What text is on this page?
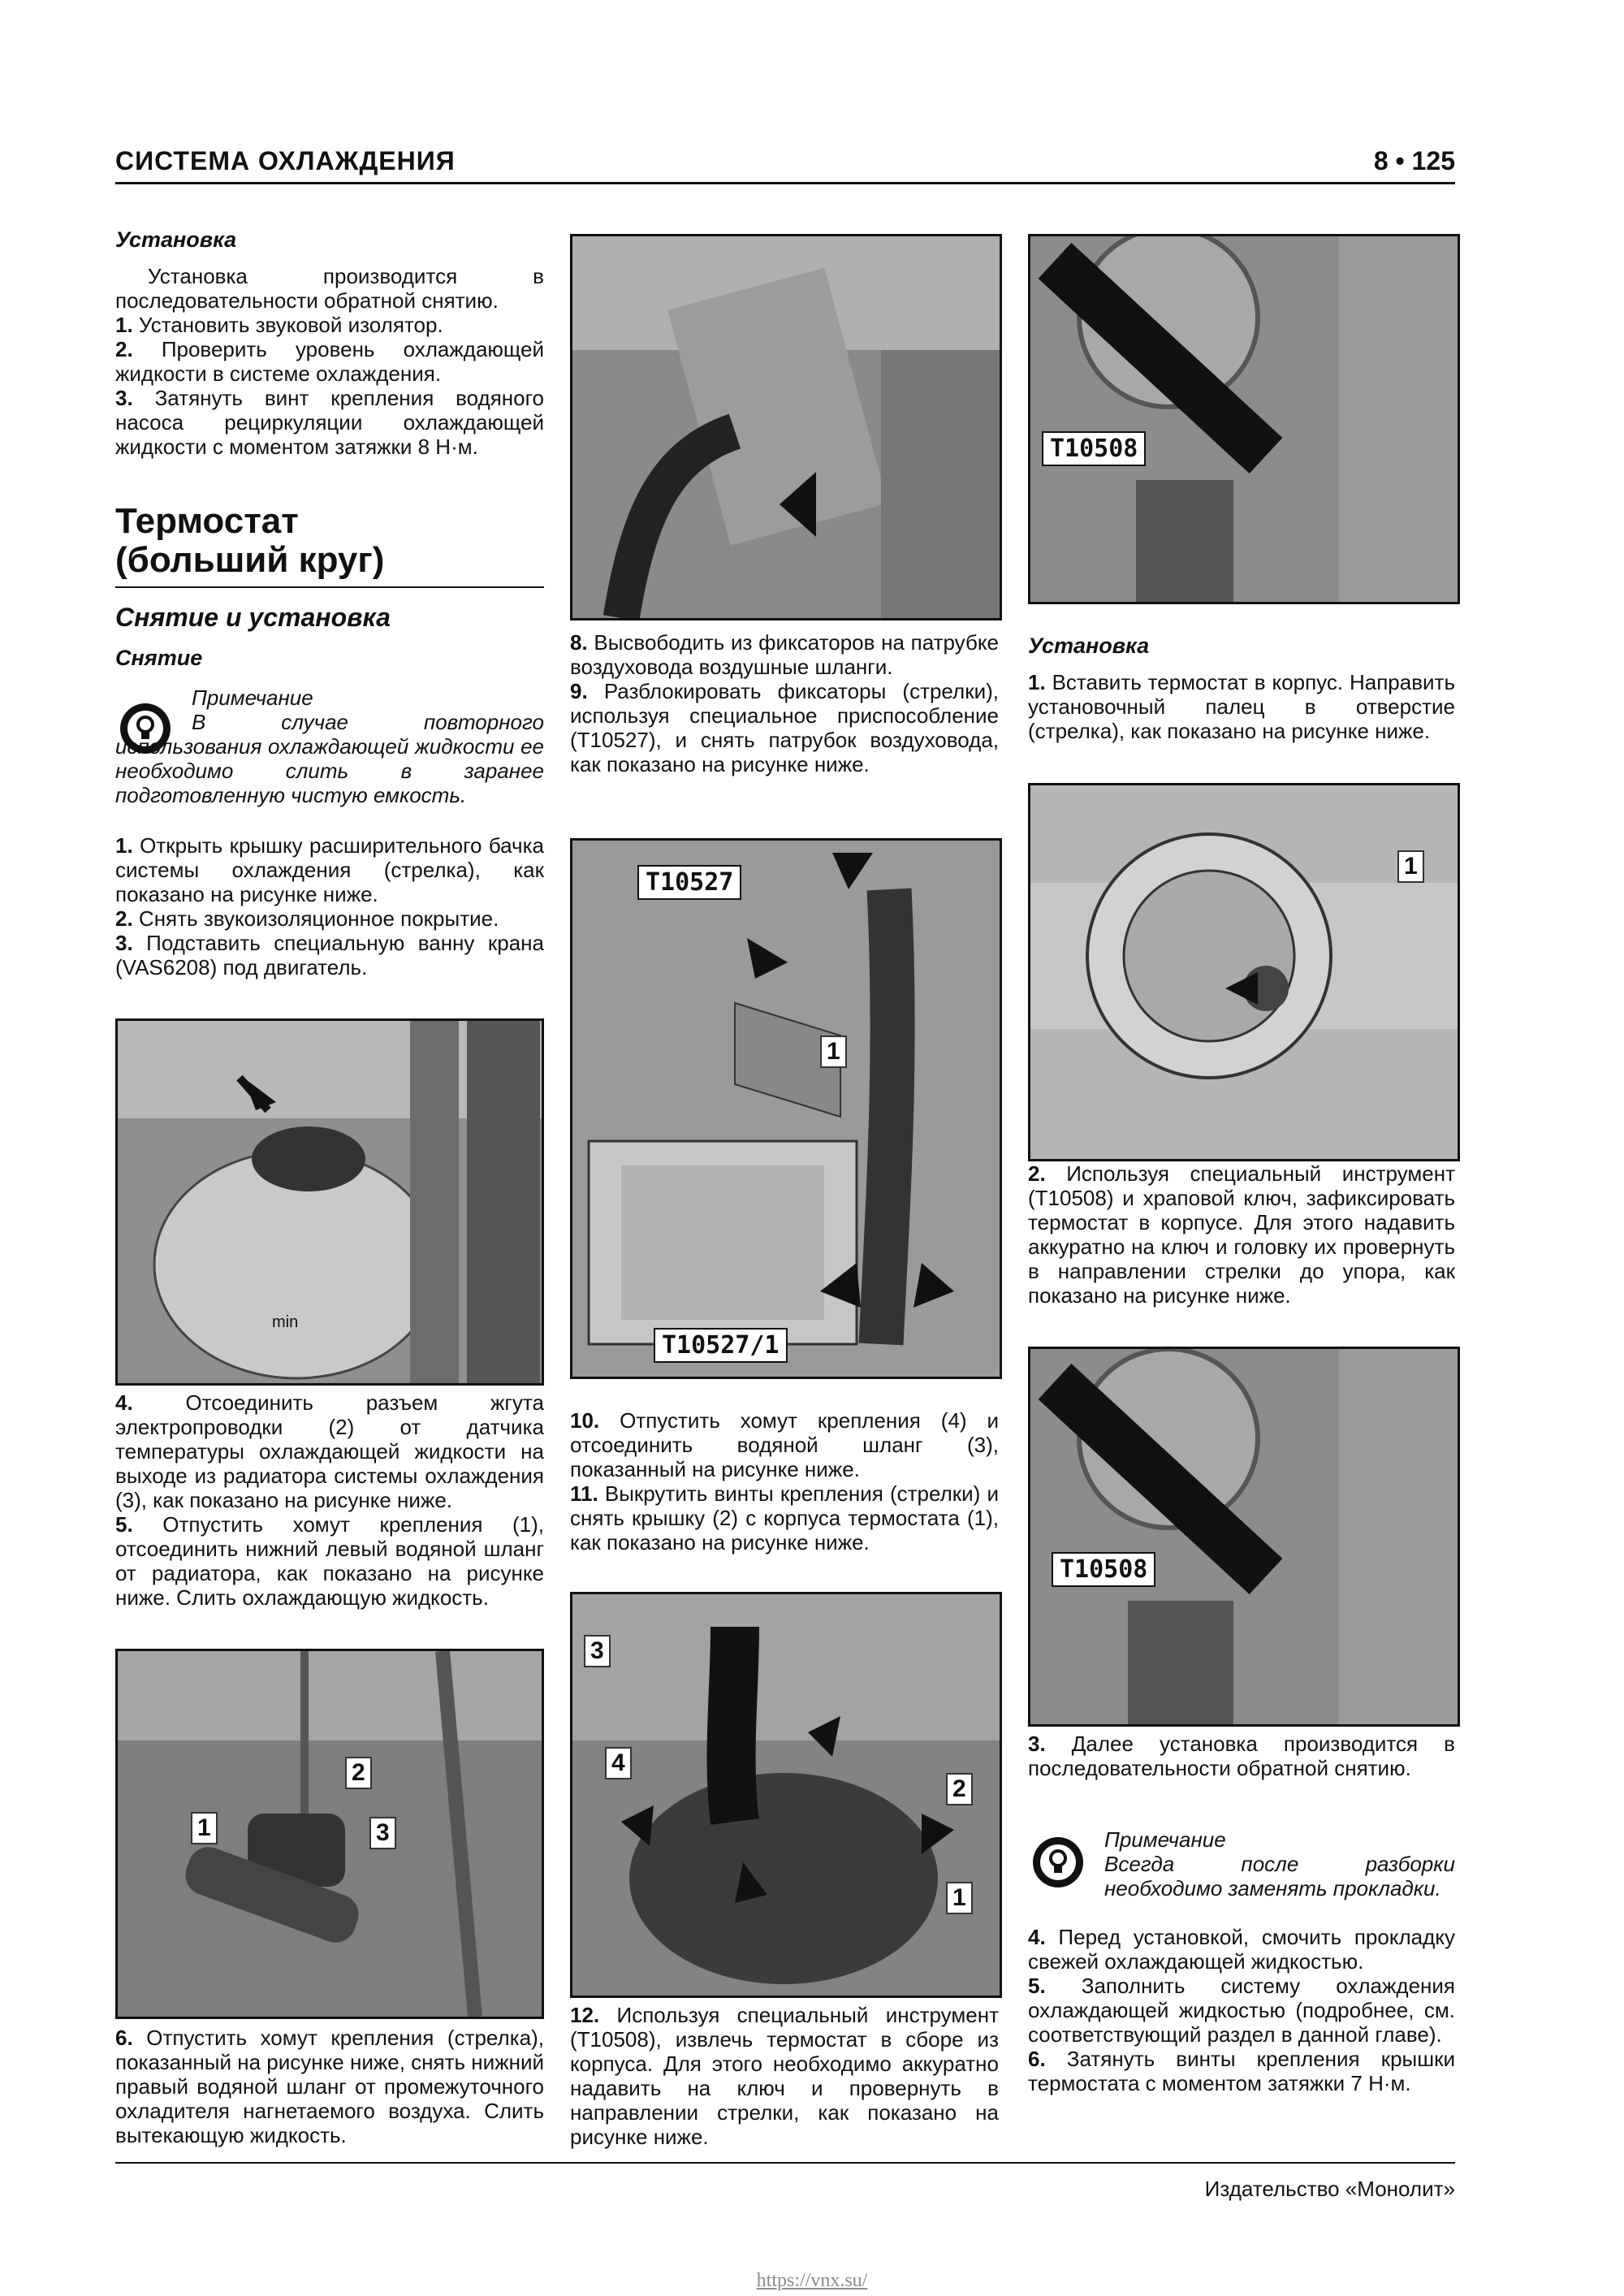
СИСТЕМА ОХЛАЖДЕНИЯ	8 • 125

Установка

Установка производится в последовательности обратной снятию.

1. Установить звуковой изолятор.

2. Проверить уровень охлаждающей жидкости в системе охлаждения.

3. Затянуть винт крепления водяного насоса рециркуляции охлаждающей жидкости с моментом затяжки 8 Н·м.

Термостат

(больший круг)

Снятие и установка

Снятие

Примечание

В случае повторного использования охлаждающей жидкости ее необходимо слить в заранее подготовленную чистую емкость.

1. Открыть крышку расширительного бачка системы охлаждения (стрелка), как показано на рисунке ниже.

2. Снять звукоизоляционное покрытие.

3. Подставить специальную ванну крана (VAS6208) под двигатель.

min

4. Отсоединить разъем жгута электропроводки (2) от датчика температуры охлаждающей жидкости на выходе из радиатора системы охлаждения (3), как показано на рисунке ниже.

5. Отпустить хомут крепления (1), отсоединить нижний левый водяной шланг от радиатора, как показано на рисунке ниже. Слить охлаждающую жидкость.

1
2
3

6. Отпустить хомут крепления (стрелка), показанный на рисунке ниже, снять нижний правый водяной шланг от промежуточного охладителя нагнетаемого воздуха. Слить вытекающую жидкость.

8. Высвободить из фиксаторов на патрубке воздуховода воздушные шланги.

9. Разблокировать фиксаторы (стрелки), используя специальное приспособление (T10527), и снять патрубок воздуховода, как показано на рисунке ниже.

T10527
T10527/1
1

10. Отпустить хомут крепления (4) и отсоединить водяной шланг (3), показанный на рисунке ниже.

11. Выкрутить винты крепления (стрелки) и снять крышку (2) с корпуса термостата (1), как показано на рисунке ниже.

3
4
2
1

12. Используя специальный инструмент (T10508), извлечь термостат в сборе из корпуса. Для этого необходимо аккуратно надавить на ключ и провернуть в направлении стрелки, как показано на рисунке ниже.

T10508

Установка

1. Вставить термостат в корпус. Направить установочный палец в отверстие (стрелка), как показано на рисунке ниже.

1

2. Используя специальный инструмент (T10508) и храповой ключ, зафиксировать термостат в корпусе. Для этого надавить аккуратно на ключ и головку их провернуть в направлении стрелки до упора, как показано на рисунке ниже.

T10508

3. Далее установка производится в последовательности обратной снятию.

Примечание

Всегда после разборки необходимо заменять прокладки.

4. Перед установкой, смочить прокладку свежей охлаждающей жидкостью.

5. Заполнить систему охлаждения охлаждающей жидкостью (подробнее, см. соответствующий раздел в данной главе).

6. Затянуть винты крепления крышки термостата с моментом затяжки 7 Н·м.

Издательство «Монолит»
https://vnx.su/
